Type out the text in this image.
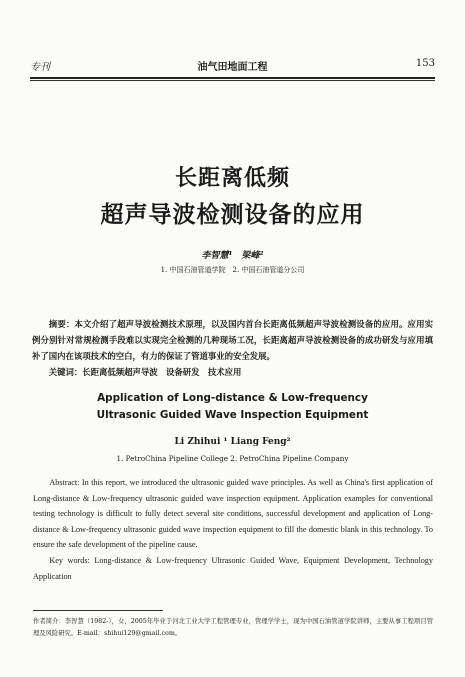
专刊	油气田地面工程	153
长距离低频
超声导波检测设备的应用
李智慧¹　梁峰²
1. 中国石油管道学院　2. 中国石油管道分公司

摘要：本文介绍了超声导波检测技术原理，以及国内首台长距离低频超声导波检测设备的应用。应用实例分别针对常规检测手段难以实现完全检测的几种现场工况，长距离超声导波检测设备的成功研发与应用填补了国内在该项技术的空白，有力的保证了管道事业的安全发展。

关键词：长距离低频超声导波　设备研发　技术应用

Application of Long-distance & Low-frequency
Ultrasonic Guided Wave Inspection Equipment
Li Zhihui ¹ Liang Feng²
1. PetroChina Pipeline College 2. PetroChina Pipeline Company

Abstract: In this report, we introduced the ultrasonic guided wave principles. As well as China's first application of Long-distance & Low-frequency ultrasonic guided wave inspection equipment. Application examples for conventional testing technology is difficult to fully detect several site conditions, successful development and application of Long-distance & Low-frequency ultrasonic guided wave inspection equipment to fill the domestic blank in this technology. To ensure the safe development of the pipeline cause.

Key words: Long-distance & Low-frequency Ultrasonic Guided Wave, Equipment Development, Technology Application

作者简介：李智慧（1982-），女，2005年毕业于河北工业大学工程管理专业，管理学学士，现为中国石油管道学院讲师，主要从事工程项目管理及风险研究。E-mail：shihui129@gmail.com。
